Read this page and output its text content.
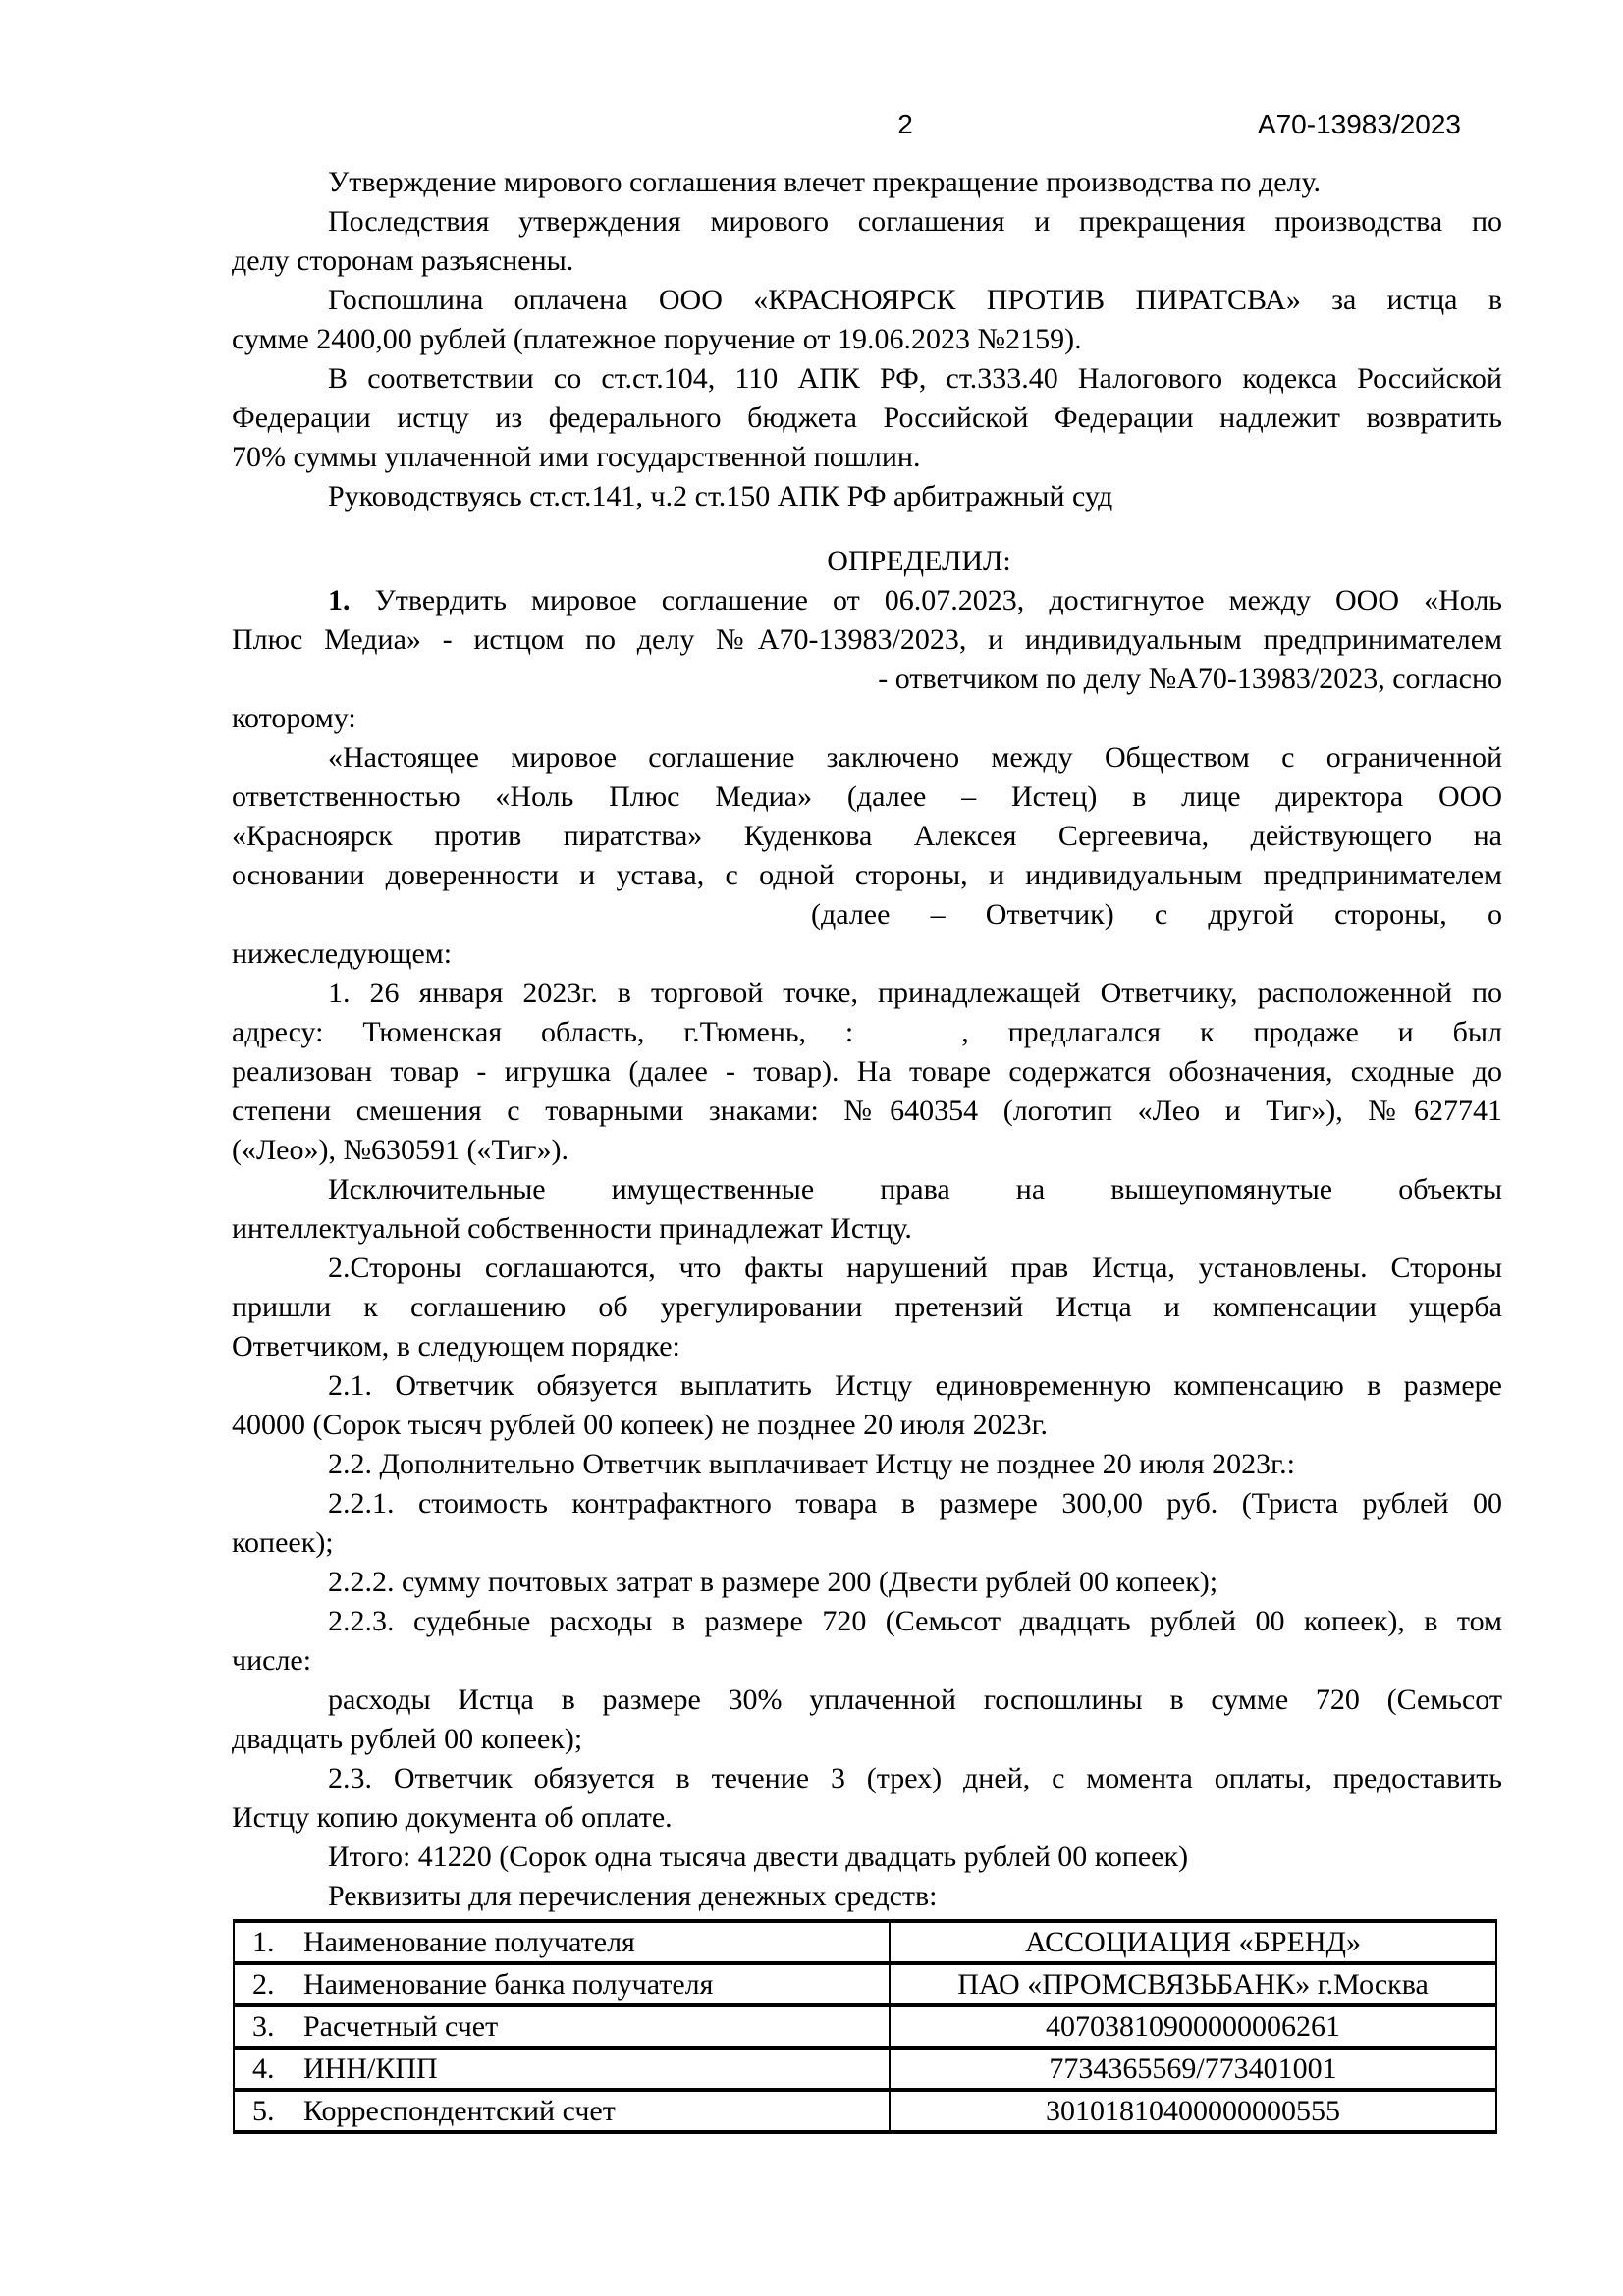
2	А70-13983/2023
Утверждение мирового соглашения влечет прекращение производства по делу.
Последствия утверждения мирового соглашения и прекращения производства по
делу сторонам разъяснены.
Госпошлина оплачена ООО «КРАСНОЯРСК ПРОТИВ ПИРАТСВА» за истца в
сумме 2400,00 рублей (платежное поручение от 19.06.2023 №2159).
В соответствии со ст.ст.104, 110 АПК РФ, ст.333.40 Налогового кодекса Российской
Федерации истцу из федерального бюджета Российской Федерации надлежит возвратить
70% суммы уплаченной ими государственной пошлин.
Руководствуясь ст.ст.141, ч.2 ст.150 АПК РФ арбитражный суд
ОПРЕДЕЛИЛ:
1. Утвердить мировое соглашение от 06.07.2023, достигнутое между ООО «Ноль
Плюс Медиа» - истцом по делу №А70-13983/2023, и индивидуальным предпринимателем
- ответчиком по делу №А70-13983/2023, согласно
которому:
«Настоящее мировое соглашение заключено между Обществом с ограниченной
ответственностью «Ноль Плюс Медиа» (далее – Истец) в лице директора ООО
«Красноярск против пиратства» Куденкова Алексея Сергеевича, действующего на
основании доверенности и устава, с одной стороны, и индивидуальным предпринимателем
(далее – Ответчик) с другой стороны, о
нижеследующем:
1. 26 января 2023г. в торговой точке, принадлежащей Ответчику, расположенной по
адресу: Тюменская область, г.Тюмень, :	, предлагался к продаже и был
реализован товар - игрушка (далее - товар). На товаре содержатся обозначения, сходные до
степени смешения с товарными знаками: №640354 (логотип «Лео и Тиг»), №627741
(«Лео»), №630591 («Тиг»).
Исключительные имущественные права на вышеупомянутые объекты
интеллектуальной собственности принадлежат Истцу.
2.Стороны соглашаются, что факты нарушений прав Истца, установлены. Стороны
пришли к соглашению об урегулировании претензий Истца и компенсации ущерба
Ответчиком, в следующем порядке:
2.1. Ответчик обязуется выплатить Истцу единовременную компенсацию в размере
40000 (Сорок тысяч рублей 00 копеек) не позднее 20 июля 2023г.
2.2. Дополнительно Ответчик выплачивает Истцу не позднее 20 июля 2023г.:
2.2.1. стоимость контрафактного товара в размере 300,00 руб. (Триста рублей 00
копеек);
2.2.2. сумму почтовых затрат в размере 200 (Двести рублей 00 копеек);
2.2.3. судебные расходы в размере 720 (Семьсот двадцать рублей 00 копеек), в том
числе:
расходы Истца в размере 30% уплаченной госпошлины в сумме 720 (Семьсот
двадцать рублей 00 копеек);
2.3. Ответчик обязуется в течение 3 (трех) дней, с момента оплаты, предоставить
Истцу копию документа об оплате.
Итого: 41220 (Сорок одна тысяча двести двадцать рублей 00 копеек)
Реквизиты для перечисления денежных средств:
1. Наименование получателя	АССОЦИАЦИЯ «БРЕНД»
2. Наименование банка получателя	ПАО «ПРОМСВЯЗЬБАНК» г.Москва
3. Расчетный счет	40703810900000006261
4. ИНН/КПП	7734365569/773401001
5. Корреспондентский счет	30101810400000000555
